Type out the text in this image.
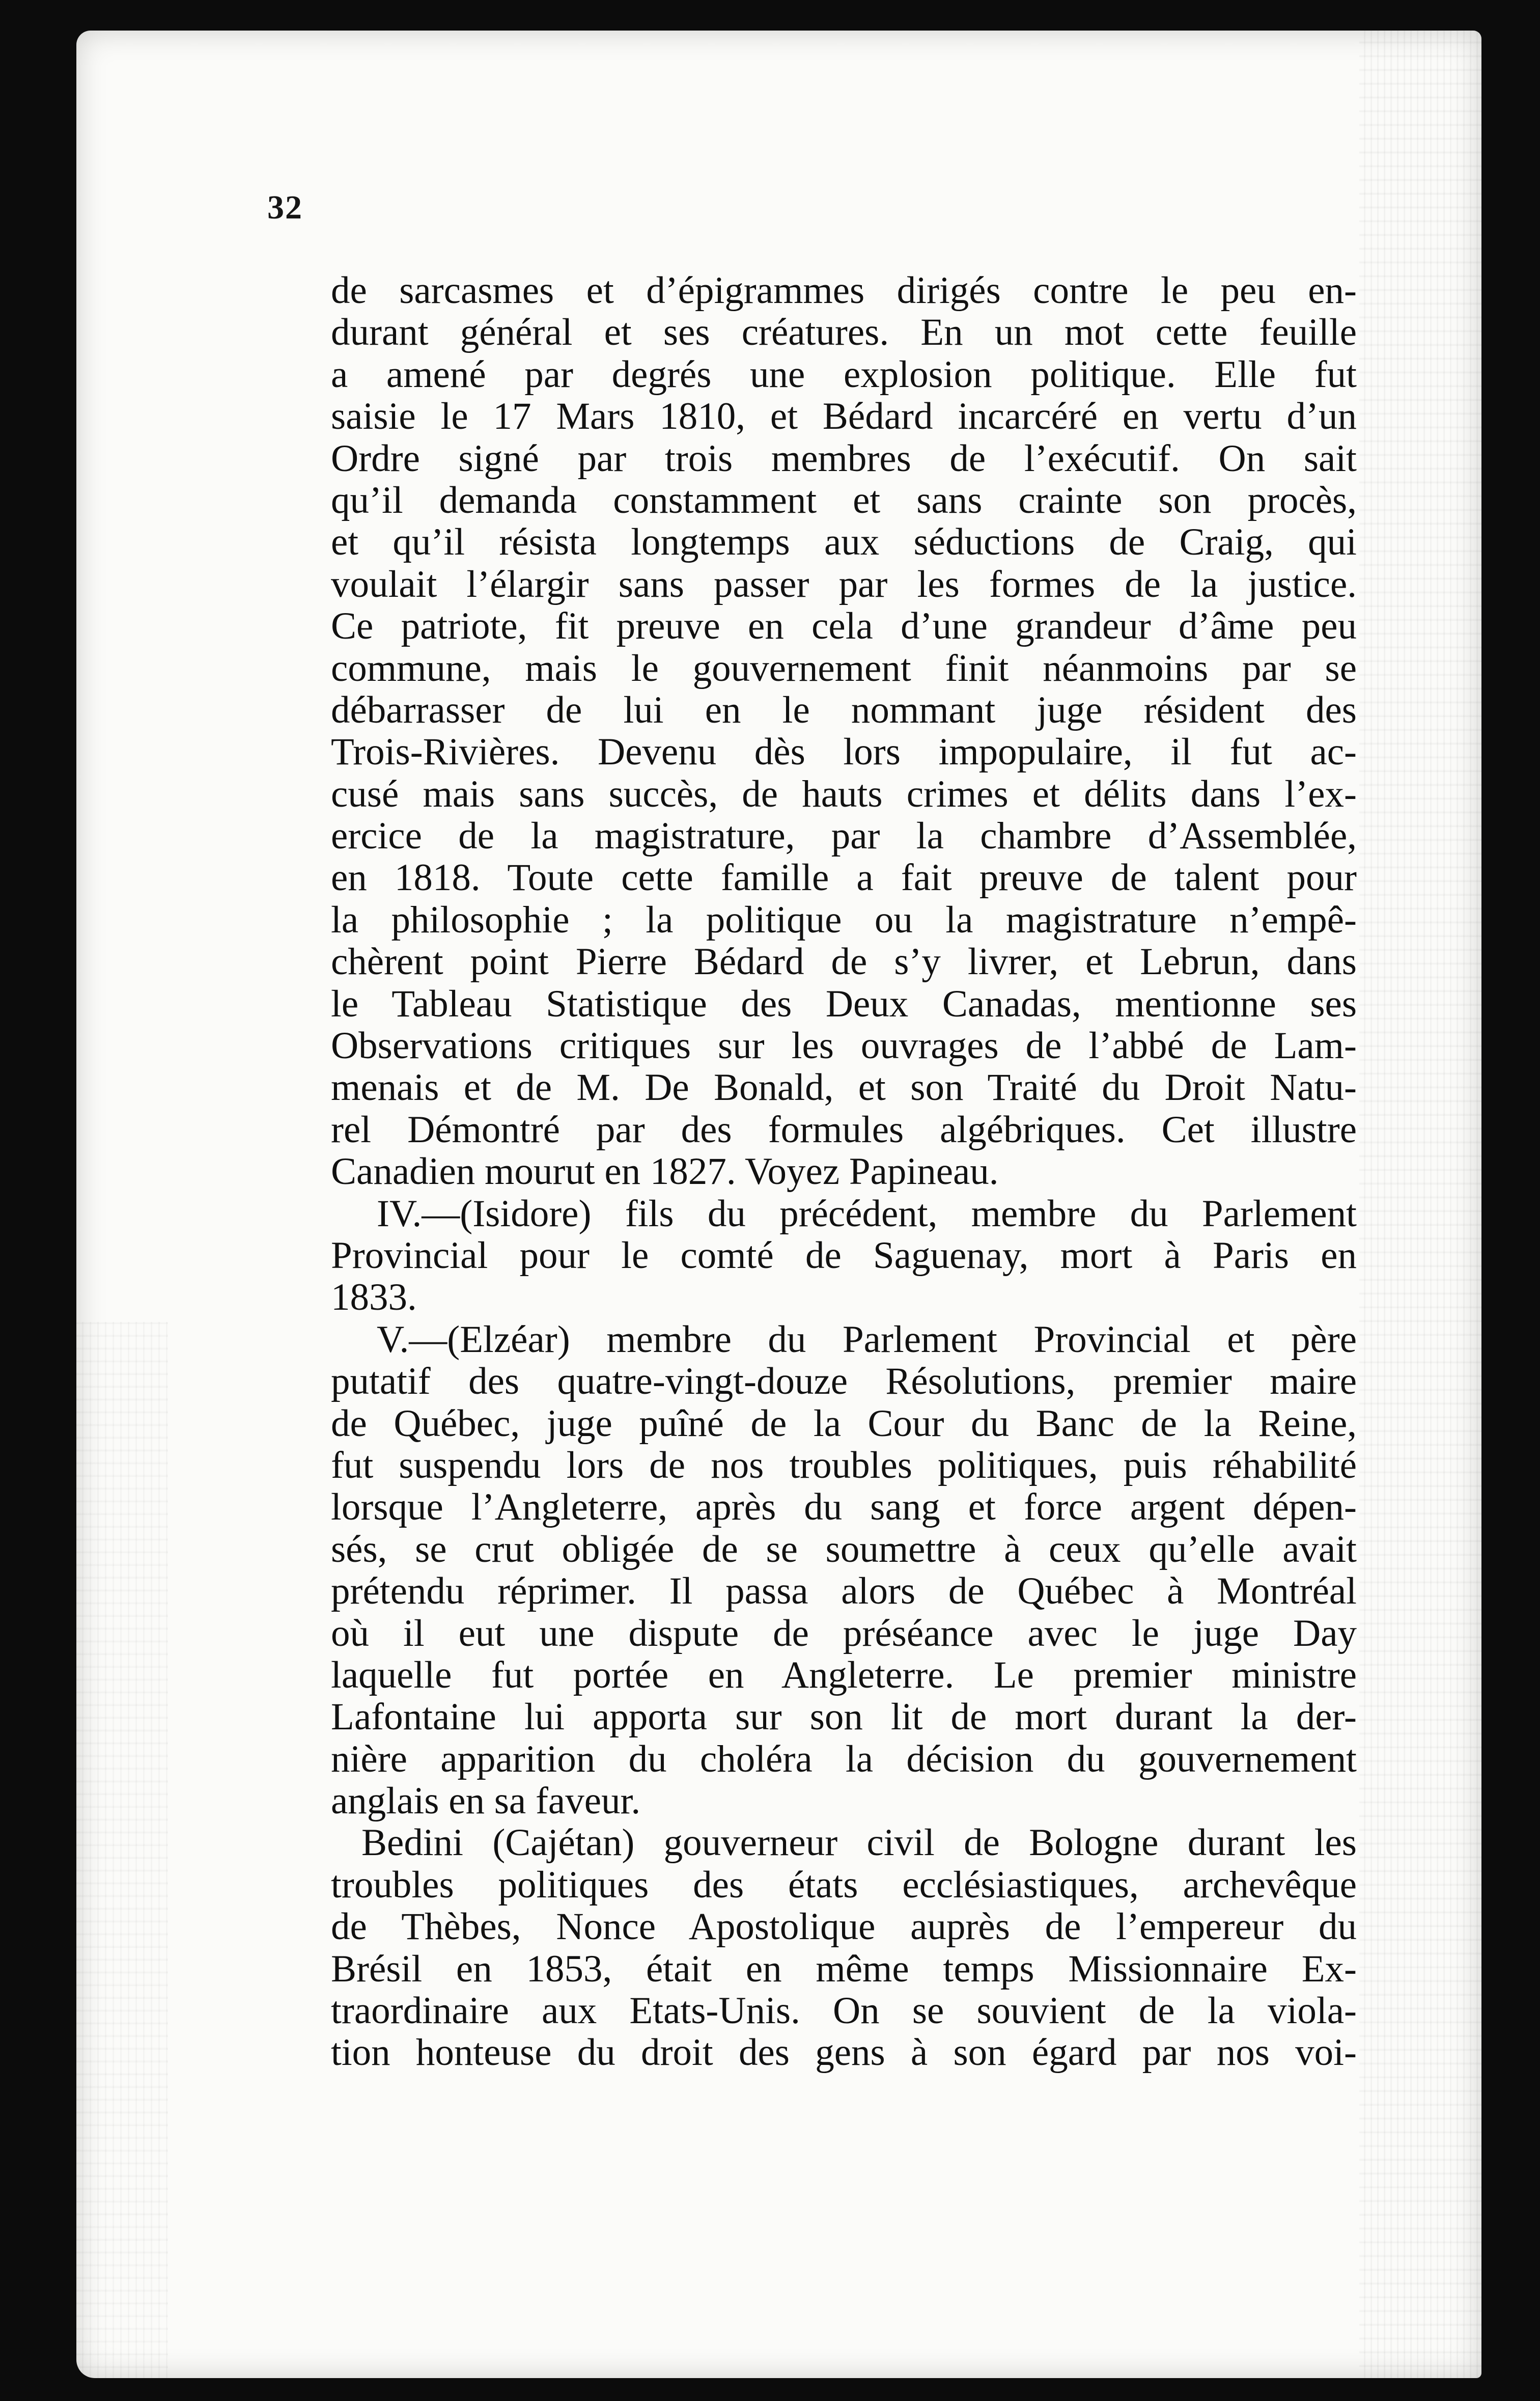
32
de sarcasmes et d’épigrammes dirigés contre le peu en-
durant général et ses créatures. En un mot cette feuille
a amené par degrés une explosion politique. Elle fut
saisie le 17 Mars 1810, et Bédard incarcéré en vertu d’un
Ordre signé par trois membres de l’exécutif. On sait
qu’il demanda constamment et sans crainte son procès,
et qu’il résista longtemps aux séductions de Craig, qui
voulait l’élargir sans passer par les formes de la justice.
Ce patriote, fit preuve en cela d’une grandeur d’âme peu
commune, mais le gouvernement finit néanmoins par se
débarrasser de lui en le nommant juge résident des
Trois-Rivières. Devenu dès lors impopulaire, il fut ac-
cusé mais sans succès, de hauts crimes et délits dans l’ex-
ercice de la magistrature, par la chambre d’Assemblée,
en 1818. Toute cette famille a fait preuve de talent pour
la philosophie ; la politique ou la magistrature n’empê-
chèrent point Pierre Bédard de s’y livrer, et Lebrun, dans
le Tableau Statistique des Deux Canadas, mentionne ses
Observations critiques sur les ouvrages de l’abbé de Lam-
menais et de M. De Bonald, et son Traité du Droit Natu-
rel Démontré par des formules algébriques. Cet illustre
Canadien mourut en 1827. Voyez Papineau.
IV.—(Isidore) fils du précédent, membre du Parlement
Provincial pour le comté de Saguenay, mort à Paris en
1833.
V.—(Elzéar) membre du Parlement Provincial et père
putatif des quatre-vingt-douze Résolutions, premier maire
de Québec, juge puîné de la Cour du Banc de la Reine,
fut suspendu lors de nos troubles politiques, puis réhabilité
lorsque l’Angleterre, après du sang et force argent dépen-
sés, se crut obligée de se soumettre à ceux qu’elle avait
prétendu réprimer. Il passa alors de Québec à Montréal
où il eut une dispute de préséance avec le juge Day
laquelle fut portée en Angleterre. Le premier ministre
Lafontaine lui apporta sur son lit de mort durant la der-
nière apparition du choléra la décision du gouvernement
anglais en sa faveur.
Bedini (Cajétan) gouverneur civil de Bologne durant les
troubles politiques des états ecclésiastiques, archevêque
de Thèbes, Nonce Apostolique auprès de l’empereur du
Brésil en 1853, était en même temps Missionnaire Ex-
traordinaire aux Etats-Unis. On se souvient de la viola-
tion honteuse du droit des gens à son égard par nos voi-
